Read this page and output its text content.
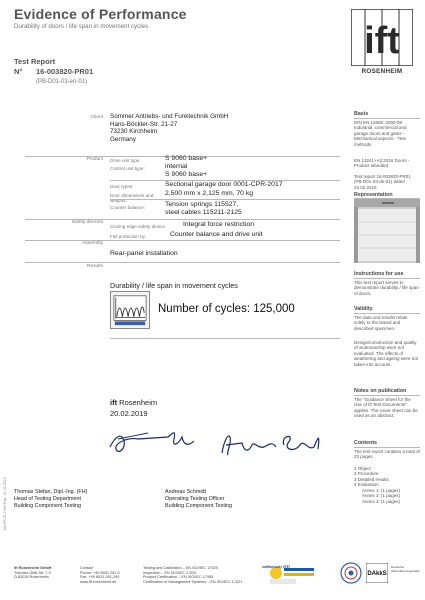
Evidence of Performance
Durability of doors / life span in movement cycles
Test Report
N° 16-003820-PR01
(PB-D01-03-en-01)
ift
ROSENHEIM
Client Sommer Antriebs- und Funktechnik GmbH
Hans-Böckler-Str. 21-27
73230 Kirchheim
Germany
Product Drive unit type:	S 9060 base+
internal
Control unit type:
S 9060 base+
Door types:	Sectional garage door 0001-CPR-2017
Door dimensions and weights:
2,500 mm x 2,125 mm, 70 kg
Counter balance:	Tension springs 115527,
steel cables 115211-2125
Safety devices
Closing edge safety device	Integral force restriction
Fall protection by:	Counter balance and drive unit
Assembly
Rear-panel installation
Results
Durability / life span in movement cycles
Number of cycles: 125,000
ift Rosenheim
20.02.2019
Thomas Stefan, Dipl.-Ing. (FH)
Head of Testing Department
Building Component Testing
Andreas Schmidt
Operating Testing Officer
Building Component Testing
Basis
DIN EN 12605: 2000-08 Industrial, commercial and garage doors and gates - Mechanical aspects - Test methods
EN 13241+A2:2016 Doors - Product standard
Test report 16-003820-PR01 (PB-D01-03-de-01) dated 22.02.2019
Representation
Instructions for use
This test report serves to demonstrate durability / life span of doors.
Validity
The data and results relate solely to the tested and described specimen.
Design/construction and quality of workmanship were not evaluated. The effects of weathering and ageing were not taken into account.
Notes on publication
The "Guidance Sheet for the Use of ift Test Documents" applies. The cover sheet can be used as an abstract.
Contents
The test report contains a total of 23 pages.
1 Object
2 Procedure
3 Detailed results
4 Evaluation
Annex 1: (1 pages)
Annex 2: (1 pages)
Annex 3: (1 pages)
ift Rosenheim GmbH
Theodor-Gietl-Str. 7-9
D-83026 Rosenheim
Contact
Phone: +49 8031 261-0
Fax: +49 8031 261-290
www.ift-rosenheim.de
Testing and Calibration – EN ISO/IEC 17025
Inspection – EN ISO/IEC 17020
Product Certification – EN ISO/IEC 17065
Certification of Management Systems – EN ISO/IEC 17021
notified body 0757
DAkkS
Deutsche Akkreditierungsstelle
NA-PB-01-1999 Eng · 01.02.2013
